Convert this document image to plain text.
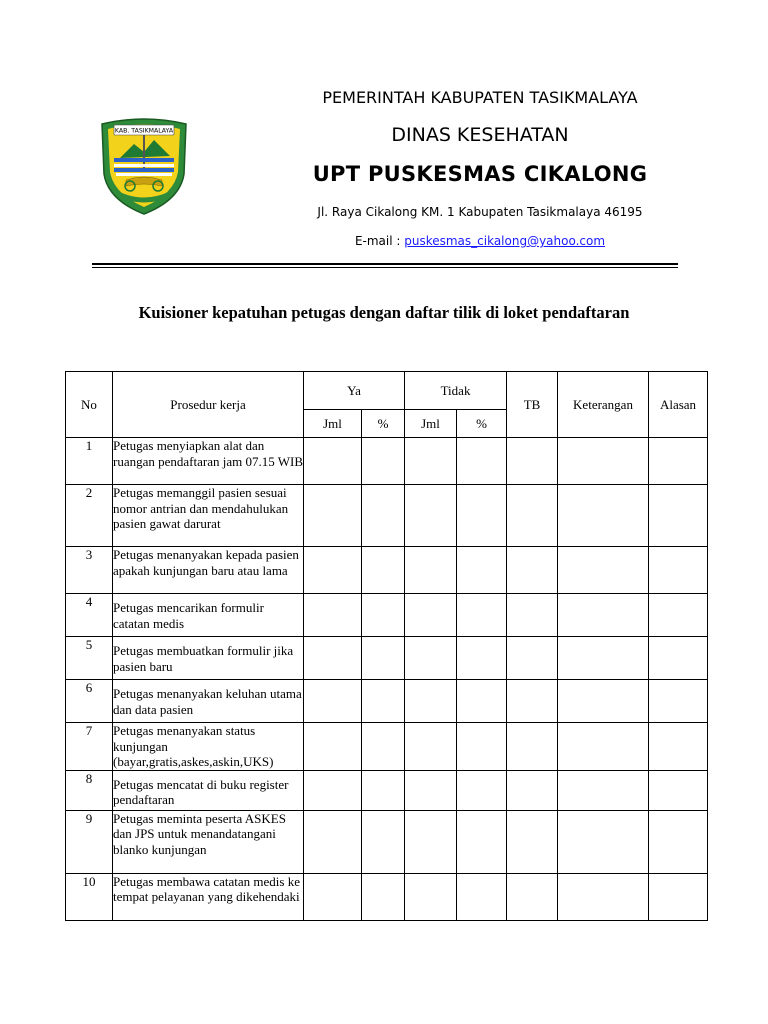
KAB. TASIKMALAYA
PEMERINTAH KABUPATEN TASIKMALAYA
DINAS KESEHATAN
UPT PUSKESMAS CIKALONG
Jl. Raya Cikalong KM. 1 Kabupaten Tasikmalaya 46195
E-mail : puskesmas_cikalong@yahoo.com
Kuisioner kepatuhan petugas dengan daftar tilik di loket pendaftaran
No	Prosedur kerja	Ya		Tidak		TB	Keterangan	Alasan
		Jml	%	Jml	%			
1	Petugas menyiapkan alat dan ruangan pendaftaran jam 07.15 WIB							
2	Petugas memanggil pasien sesuai nomor antrian dan mendahulukan pasien gawat darurat							
3	Petugas menanyakan kepada pasien apakah kunjungan baru atau lama							
4	Petugas mencarikan formulir catatan medis							
5	Petugas membuatkan formulir jika pasien baru							
6	Petugas menanyakan keluhan utama dan data pasien							
7	Petugas menanyakan status kunjungan (bayar,gratis,askes,askin,UKS)							
8	Petugas mencatat di buku register pendaftaran							
9	Petugas meminta peserta ASKES dan JPS untuk menandatangani blanko kunjungan							
10	Petugas membawa catatan medis ke tempat pelayanan yang dikehendaki							
